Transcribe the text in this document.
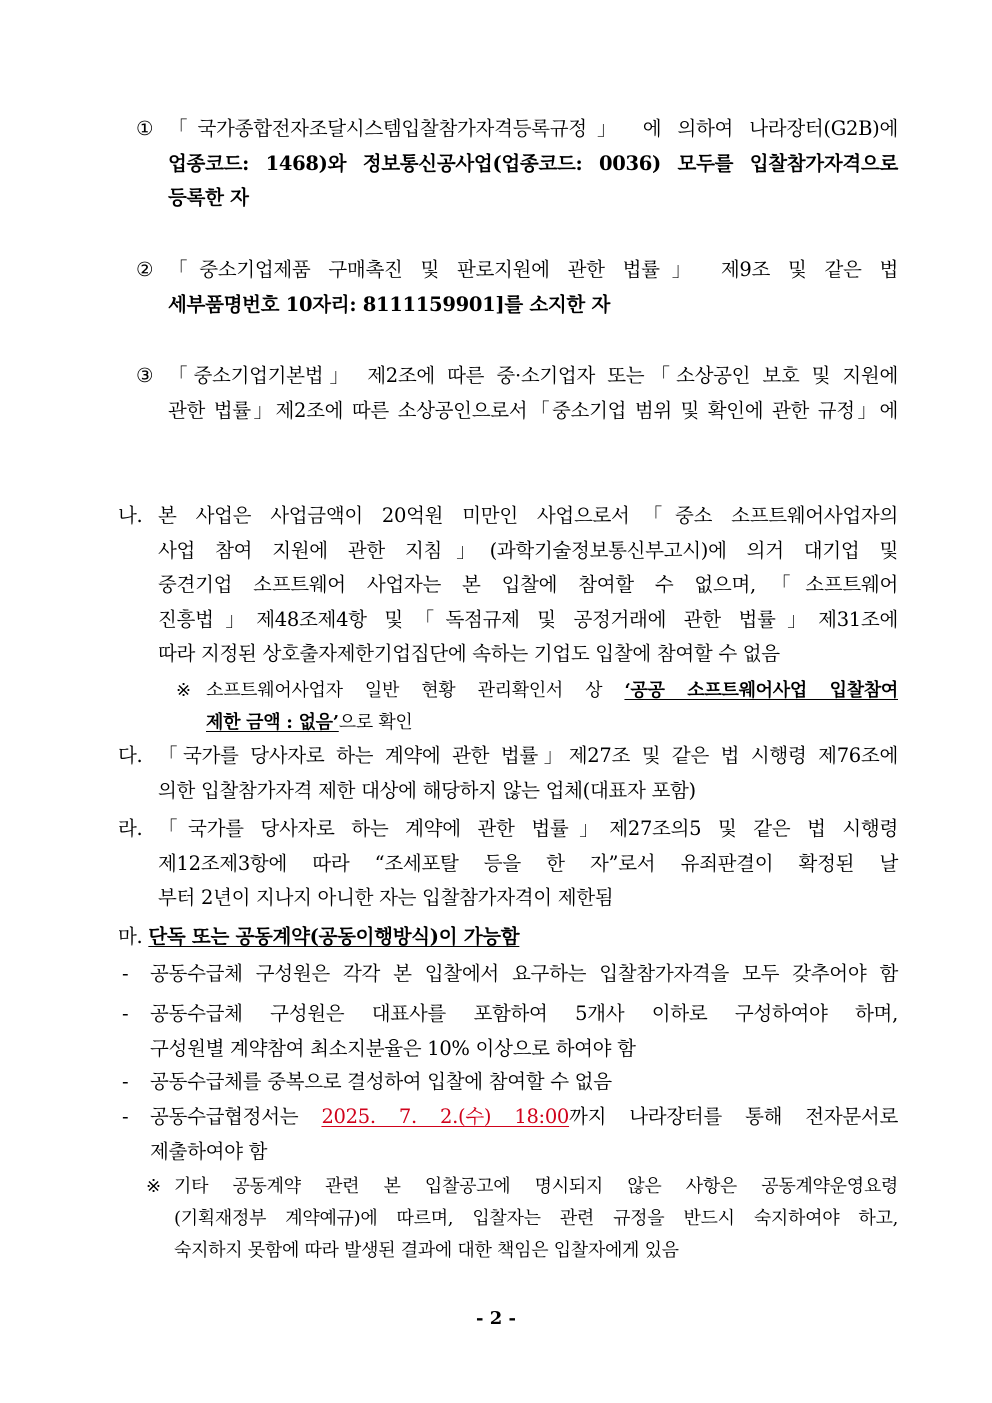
① 「국가종합전자조달시스템입찰참가자격등록규정」 에 의하여 나라장터(G2B)에
업종코드: 1468)와 정보통신공사업(업종코드: 0036) 모두를 입찰참가자격으로
등록한 자
② 「중소기업제품 구매촉진 및 판로지원에 관한 법률」 제9조 및 같은 법
세부품명번호 10자리: 8111159901]를 소지한 자
③ 「중소기업기본법」 제2조에 따른 중·소기업자 또는「소상공인 보호 및 지원에
관한 법률」제2조에 따른 소상공인으로서「중소기업 범위 및 확인에 관한 규정」에
나. 본 사업은 사업금액이 20억원 미만인 사업으로서「중소 소프트웨어사업자의
사업 참여 지원에 관한 지침」(과학기술정보통신부고시)에 의거 대기업 및
중견기업 소프트웨어 사업자는 본 입찰에 참여할 수 없으며,「소프트웨어
진흥법」제48조제4항 및「독점규제 및 공정거래에 관한 법률」제31조에
따라 지정된 상호출자제한기업집단에 속하는 기업도 입찰에 참여할 수 없음
※ 소프트웨어사업자 일반 현황 관리확인서 상 ‘공공 소프트웨어사업 입찰참여
제한 금액 : 없음’으로 확인
다. 「국가를 당사자로 하는 계약에 관한 법률」제27조 및 같은 법 시행령 제76조에
의한 입찰참가자격 제한 대상에 해당하지 않는 업체(대표자 포함)
라. 「국가를 당사자로 하는 계약에 관한 법률」제27조의5 및 같은 법 시행령
제12조제3항에 따라 “조세포탈 등을 한 자”로서 유죄판결이 확정된 날
부터 2년이 지나지 아니한 자는 입찰참가자격이 제한됨
마. 단독 또는 공동계약(공동이행방식)이 가능함
- 공동수급체 구성원은 각각 본 입찰에서 요구하는 입찰참가자격을 모두 갖추어야 함
- 공동수급체 구성원은 대표사를 포함하여 5개사 이하로 구성하여야 하며,
구성원별 계약참여 최소지분율은 10% 이상으로 하여야 함
- 공동수급체를 중복으로 결성하여 입찰에 참여할 수 없음
- 공동수급협정서는 2025. 7. 2.(수) 18:00까지 나라장터를 통해 전자문서로
제출하여야 함
※ 기타 공동계약 관련 본 입찰공고에 명시되지 않은 사항은 공동계약운영요령
(기획재정부 계약예규)에 따르며, 입찰자는 관련 규정을 반드시 숙지하여야 하고,
숙지하지 못함에 따라 발생된 결과에 대한 책임은 입찰자에게 있음
- 2 -
